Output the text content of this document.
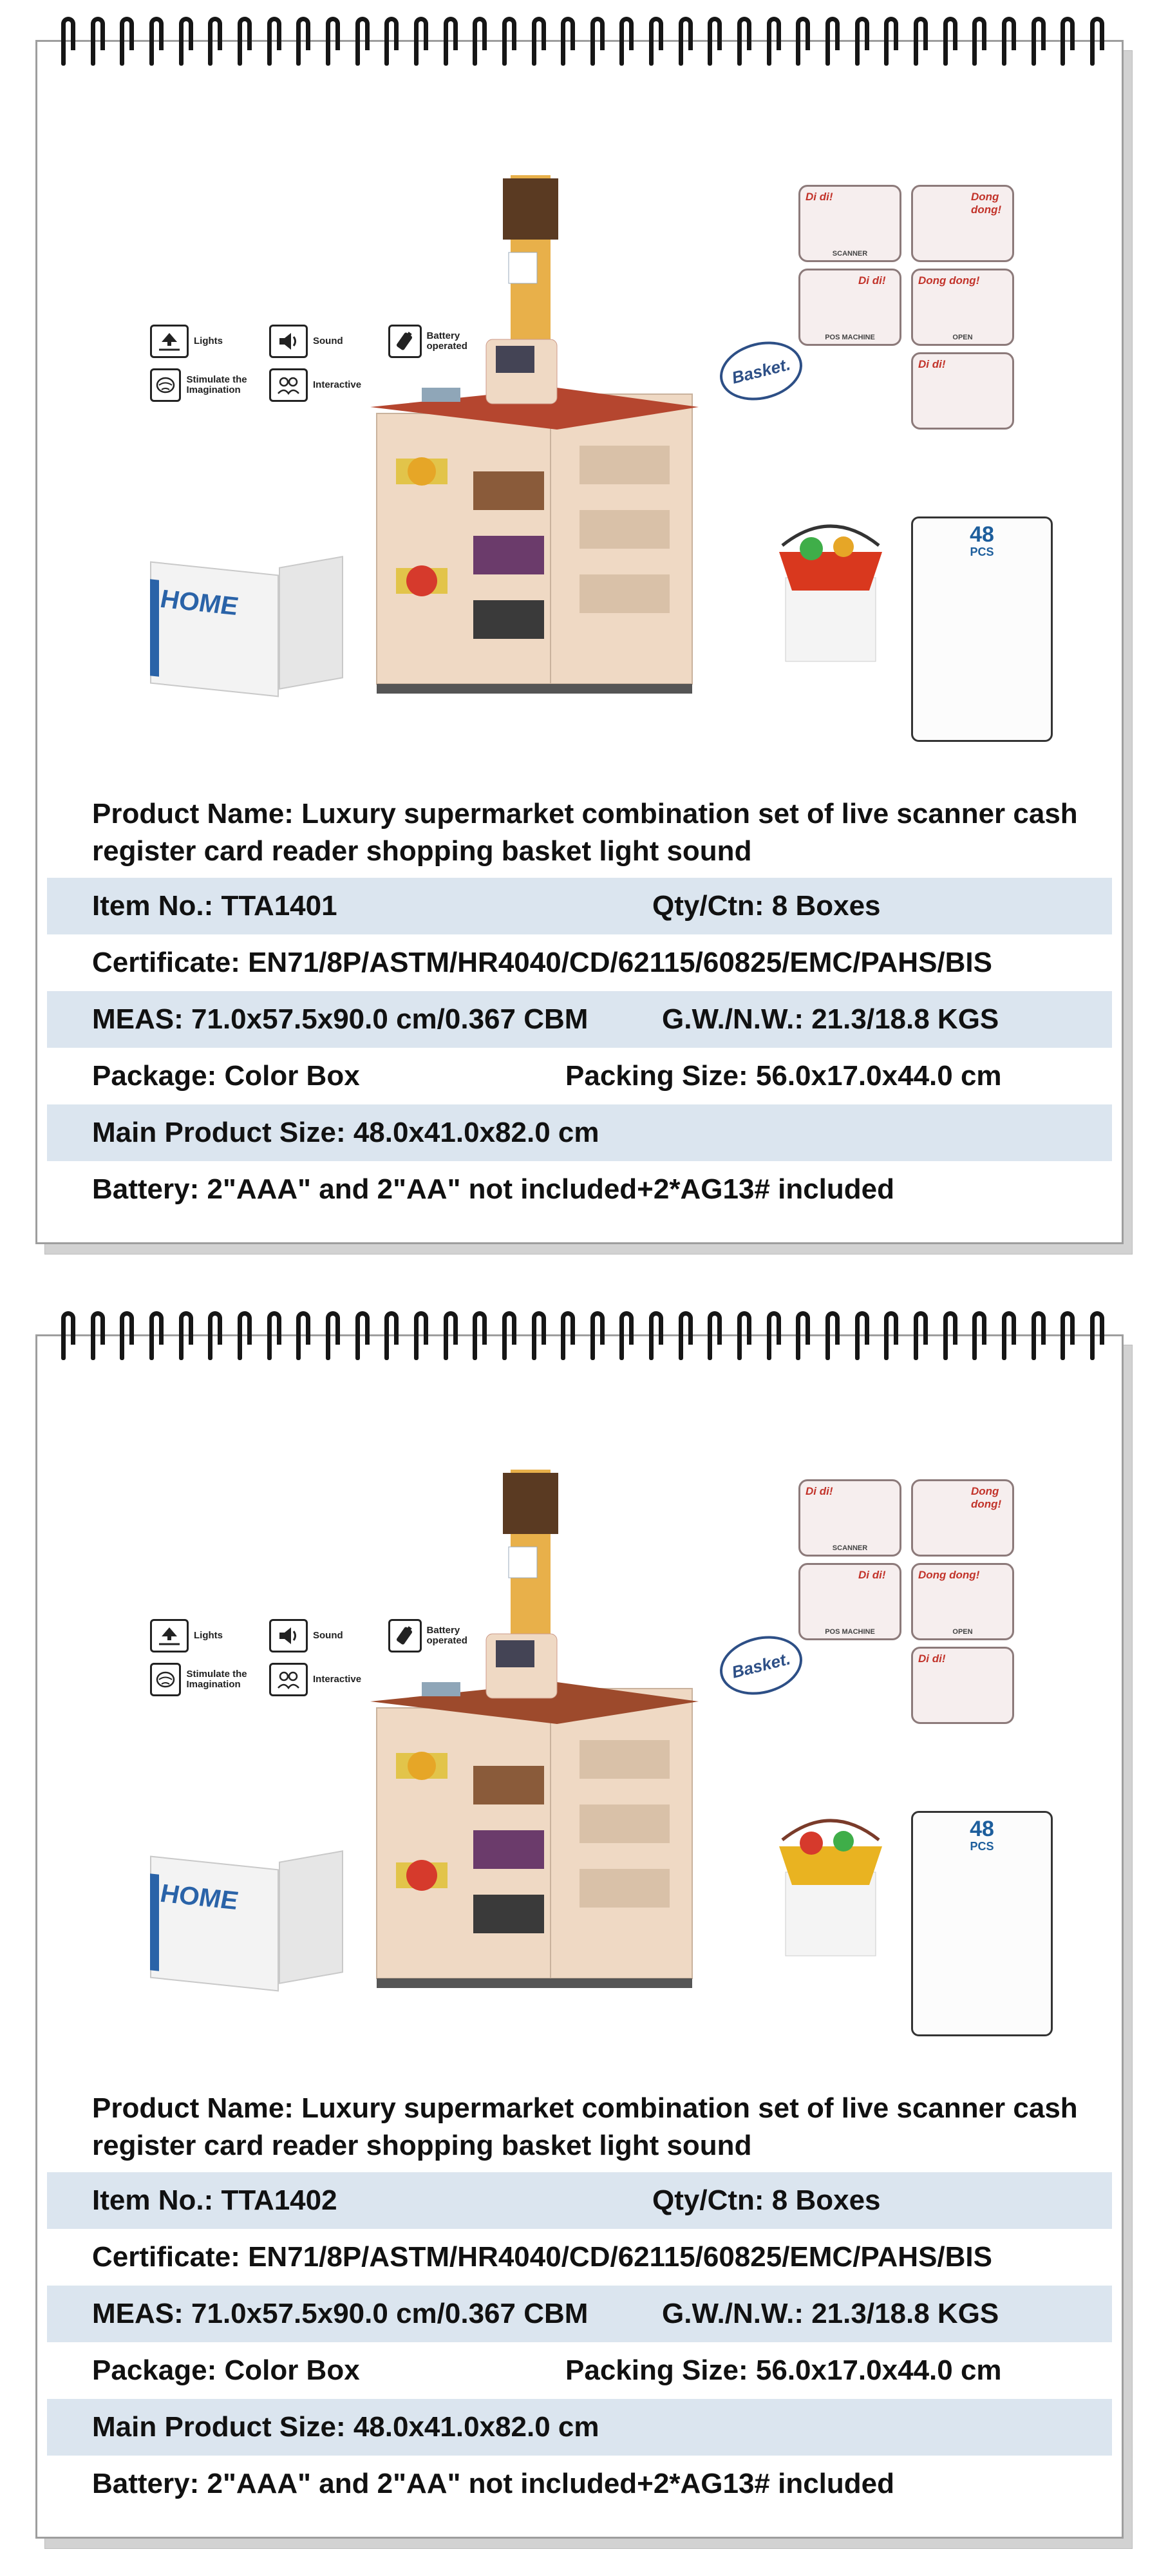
Lights	Sound	Battery operated
Stimulate the Imagination	Interactive
HOME
Basket.
Di di!
SCANNER
Dong dong!
Di di!
POS MACHINE
Dong dong!
OPEN
Di di!
48
PCS
Product Name: Luxury supermarket combination set of live scanner cash register card reader shopping basket light sound
Item No.: TTA1401	Qty/Ctn: 8 Boxes
Certificate: EN71/8P/ASTM/HR4040/CD/62115/60825/EMC/PAHS/BIS
MEAS: 71.0x57.5x90.0 cm/0.367 CBM	G.W./N.W.: 21.3/18.8 KGS
Package: Color Box	Packing Size: 56.0x17.0x44.0 cm
Main Product Size: 48.0x41.0x82.0 cm
Battery: 2"AAA" and 2"AA" not included+2*AG13# included
Lights	Sound	Battery operated
Stimulate the Imagination	Interactive
HOME
Basket.
Di di!
SCANNER
Dong dong!
Di di!
POS MACHINE
Dong dong!
OPEN
Di di!
48
PCS
Product Name: Luxury supermarket combination set of live scanner cash register card reader shopping basket light sound
Item No.: TTA1402	Qty/Ctn: 8 Boxes
Certificate: EN71/8P/ASTM/HR4040/CD/62115/60825/EMC/PAHS/BIS
MEAS: 71.0x57.5x90.0 cm/0.367 CBM	G.W./N.W.: 21.3/18.8 KGS
Package: Color Box	Packing Size: 56.0x17.0x44.0 cm
Main Product Size: 48.0x41.0x82.0 cm
Battery: 2"AAA" and 2"AA" not included+2*AG13# included
